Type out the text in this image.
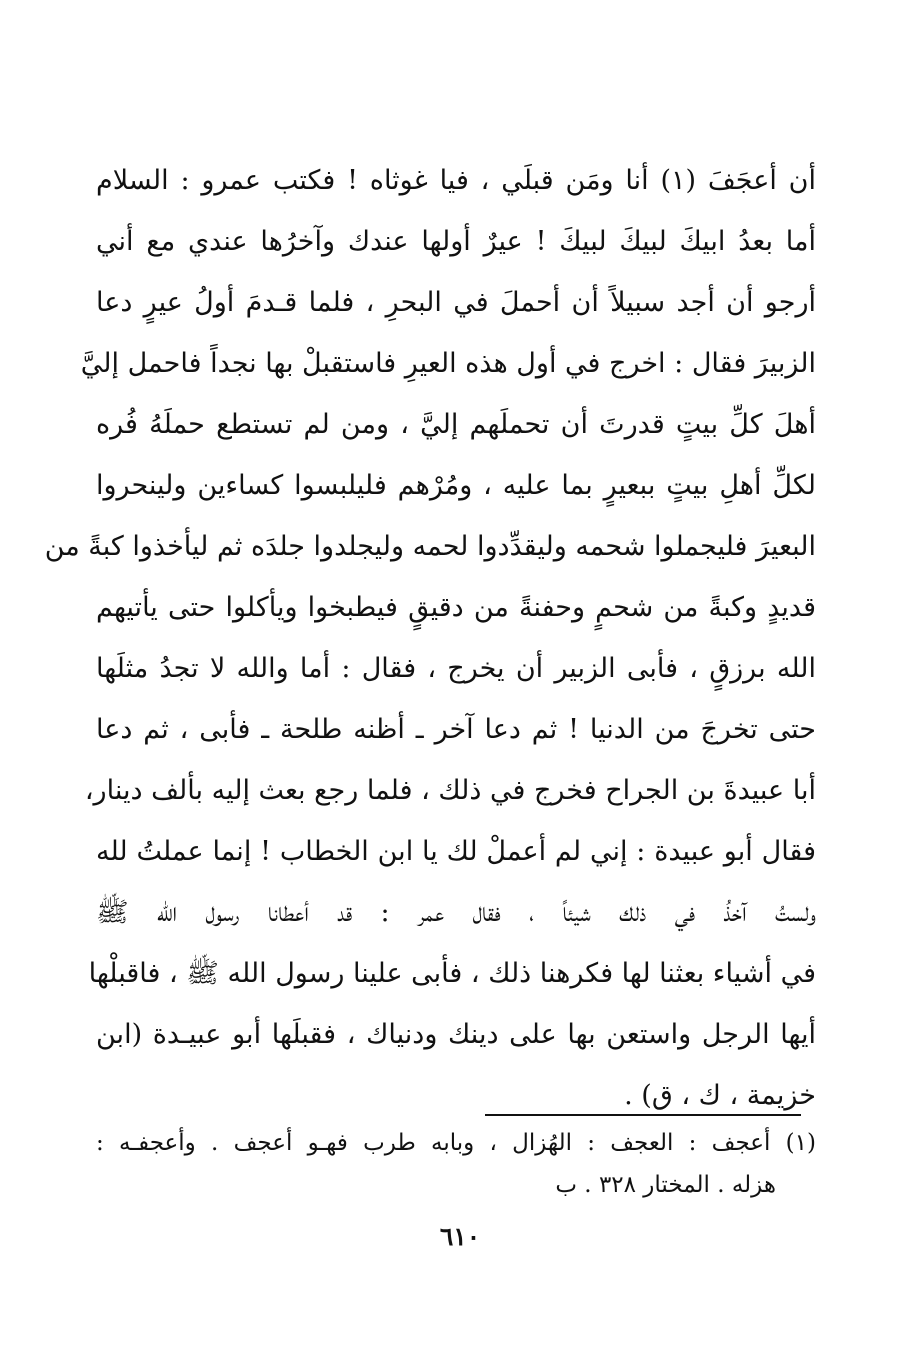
أن أعجَفَ (١) أنا ومَن قبلَي ، فيا غوثاه ! فكتب عمرو : السلام
أما بعدُ ابيكَ لبيكَ لبيكَ ! عيرٌ أولها عندك وآخرُها عندي مع أني
أرجو أن أجد سبيلاً أن أحملَ في البحرِ ، فلما قـدمَ أولُ عيرٍ دعا
الزبيرَ فقال : اخرج في أول هذه العيرِ فاستقبلْ بها نجداً فاحمل إليَّ
أهلَ كلِّ بيتٍ قدرتَ أن تحملَهم إليَّ ، ومن لم تستطع حملَهُ فُره
لكلِّ أهلِ بيتٍ ببعيرٍ بما عليه ، ومُرْهم فليلبسوا كساءين ولينحروا
البعيرَ فليجملوا شحمه وليقدِّدوا لحمه وليجلدوا جلدَه ثم ليأخذوا كبةً من
قديدٍ وكبةً من شحمٍ وحفنةً من دقيقٍ فيطبخوا ويأكلوا حتى يأتيهم
الله برزقٍ ، فأبى الزبير أن يخرج ، فقال : أما والله لا تجدُ مثلَها
حتى تخرجَ من الدنيا ! ثم دعا آخر ـ أظنه طلحة ـ فأبى ، ثم دعا
أبا عبيدةَ بن الجراح فخرج في ذلك ، فلما رجع بعث إليه بألف دينار،
فقال أبو عبيدة : إني لم أعملْ لك يا ابن الخطاب ! إنما عملتُ لله
ولستُ آخذُ في ذلك شيئاً ، فقال عمر : قد أعطانا رسول الله ﷺ
في أشياء بعثنا لها فكرهنا ذلك ، فأبى علينا رسول الله ﷺ ، فاقبلْها
أيها الرجل واستعن بها على دينك ودنياك ، فقبلَها أبو عبيـدة (ابن
خزيمة ، ك ، ق) .
(١) أعجف : العجف : الهُزال ، وبابه طرب فهـو أعجف . وأعجفـه :
هزله . المختار ٣٢٨ . ب
٦١٠
